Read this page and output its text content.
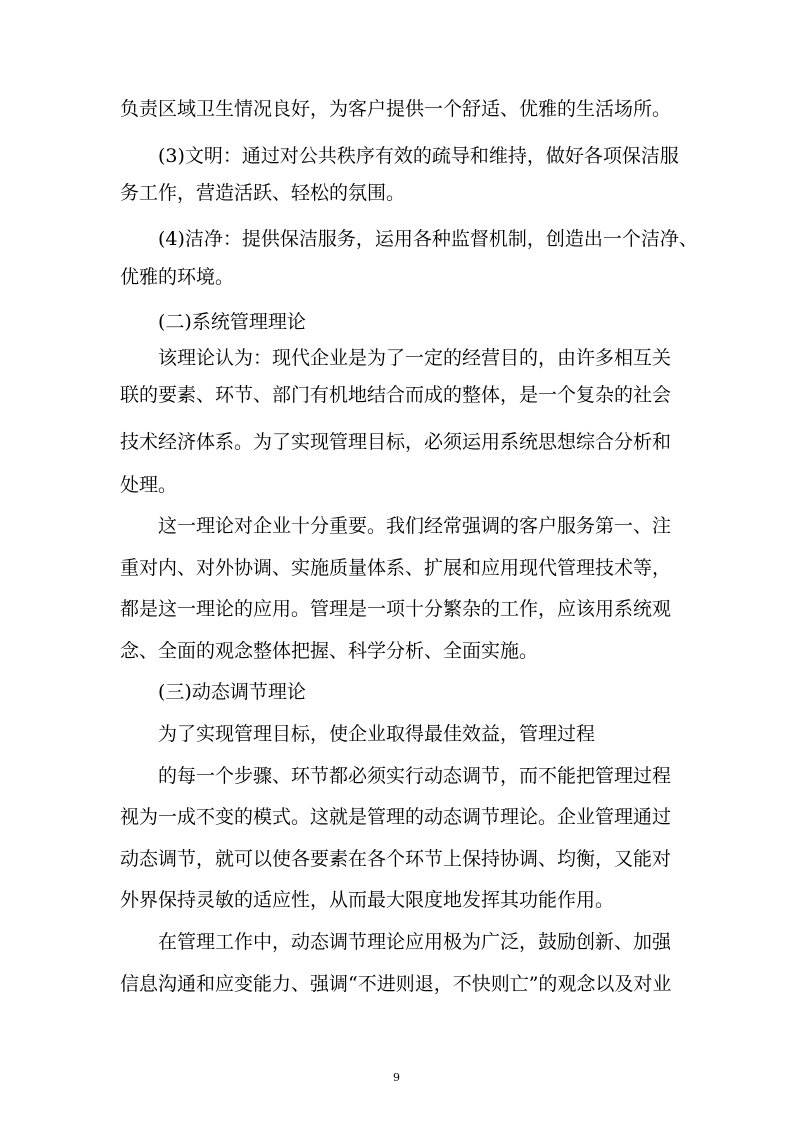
负责区域卫生情况良好，为客户提供一个舒适、优雅的生活场所。
(3)文明：通过对公共秩序有效的疏导和维持，做好各项保洁服
务工作，营造活跃、轻松的氛围。
(4)洁净：提供保洁服务，运用各种监督机制，创造出一个洁净、
优雅的环境。
(二)系统管理理论
该理论认为：现代企业是为了一定的经营目的，由许多相互关
联的要素、环节、部门有机地结合而成的整体，是一个复杂的社会
技术经济体系。为了实现管理目标，必须运用系统思想综合分析和
处理。
这一理论对企业十分重要。我们经常强调的客户服务第一、注
重对内、对外协调、实施质量体系、扩展和应用现代管理技术等，
都是这一理论的应用。管理是一项十分繁杂的工作，应该用系统观
念、全面的观念整体把握、科学分析、全面实施。
(三)动态调节理论
为了实现管理目标，使企业取得最佳效益，管理过程
的每一个步骤、环节都必须实行动态调节，而不能把管理过程
视为一成不变的模式。这就是管理的动态调节理论。企业管理通过
动态调节，就可以使各要素在各个环节上保持协调、均衡，又能对
外界保持灵敏的适应性，从而最大限度地发挥其功能作用。
在管理工作中，动态调节理论应用极为广泛，鼓励创新、加强
信息沟通和应变能力、强调“不进则退，不快则亡”的观念以及对业
9
